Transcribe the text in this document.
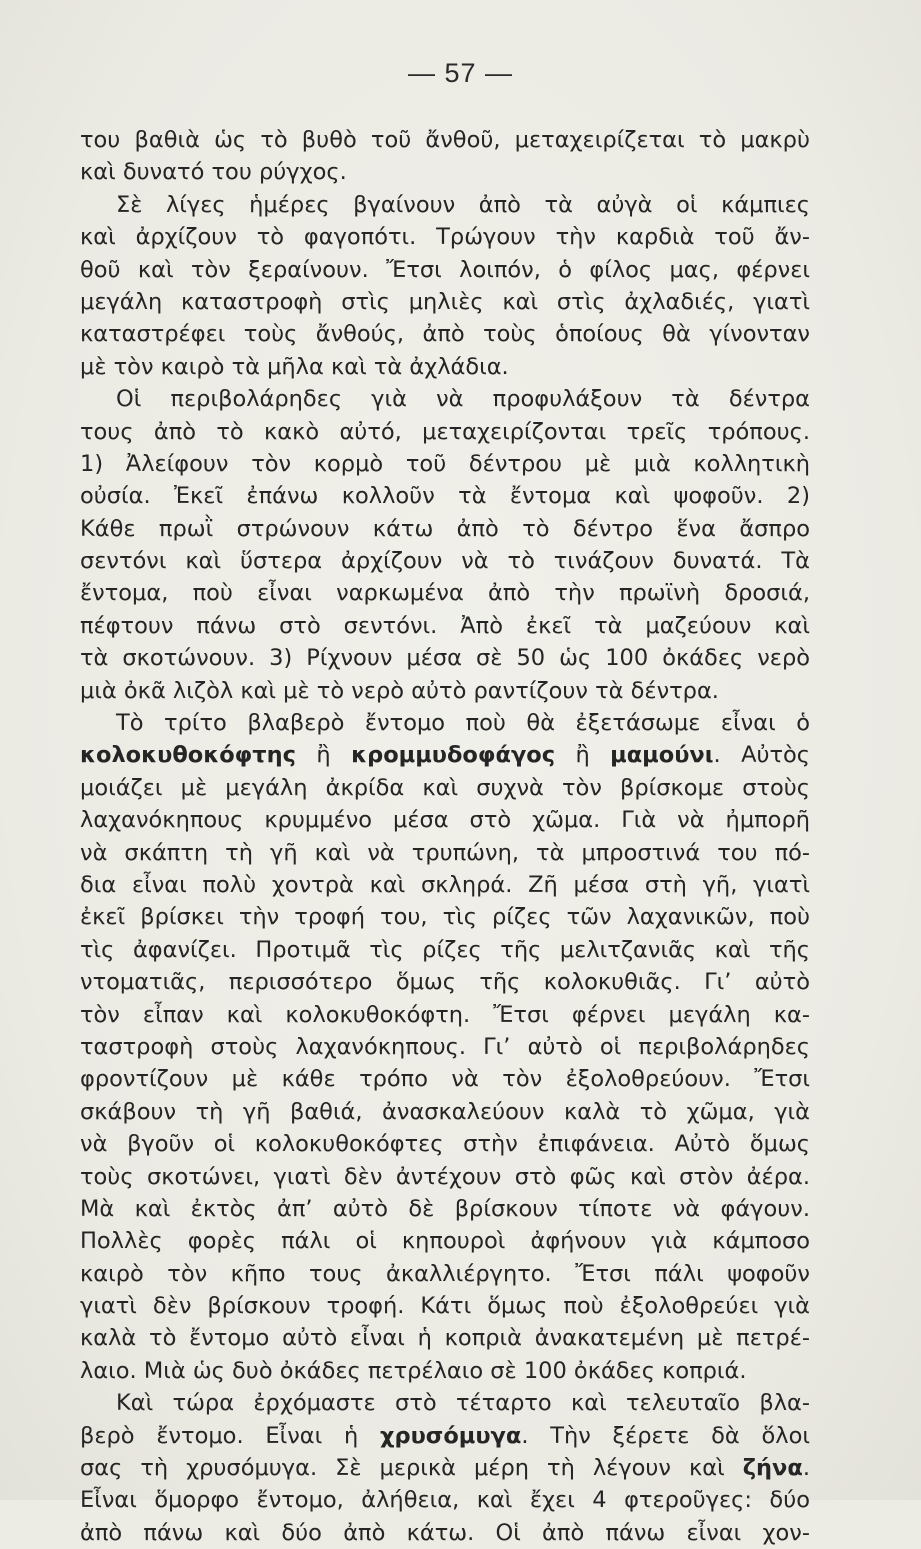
— 57 —
του βαθιὰ ὡς τὸ βυθὸ τοῦ ἄνθοῦ, μεταχειρίζεται τὸ μακρὺ
καὶ δυνατό του ρύγχος.
Σὲ λίγες ἡμέρες βγαίνουν ἀπὸ τὰ αὐγὰ οἱ κάμπιες
καὶ ἀρχίζουν τὸ φαγοπότι. Τρώγουν τὴν καρδιὰ τοῦ ἄν-
θοῦ καὶ τὸν ξεραίνουν. Ἔτσι λοιπόν, ὁ φίλος μας, φέρνει
μεγάλη καταστροφὴ στὶς μηλιὲς καὶ στὶς ἀχλαδιές, γιατὶ
καταστρέφει τοὺς ἄνθούς, ἀπὸ τοὺς ὁποίους θὰ γίνονταν
μὲ τὸν καιρὸ τὰ μῆλα καὶ τὰ ἀχλάδια.
Οἱ περιβολάρηδες γιὰ νὰ προφυλάξουν τὰ δέντρα
τους ἀπὸ τὸ κακὸ αὐτό, μεταχειρίζονται τρεῖς τρόπους.
1) Ἀλείφουν τὸν κορμὸ τοῦ δέντρου μὲ μιὰ κολλητικὴ
οὐσία. Ἐκεῖ ἐπάνω κολλοῦν τὰ ἔντομα καὶ ψοφοῦν. 2)
Κάθε πρωῒ στρώνουν κάτω ἀπὸ τὸ δέντρο ἕνα ἄσπρο
σεντόνι καὶ ὕστερα ἀρχίζουν νὰ τὸ τινάζουν δυνατά. Τὰ
ἔντομα, ποὺ εἶναι ναρκωμένα ἀπὸ τὴν πρωϊνὴ δροσιά,
πέφτουν πάνω στὸ σεντόνι. Ἀπὸ ἐκεῖ τὰ μαζεύουν καὶ
τὰ σκοτώνουν. 3) Ρίχνουν μέσα σὲ 50 ὡς 100 ὀκάδες νερὸ
μιὰ ὀκᾶ λιζὸλ καὶ μὲ τὸ νερὸ αὐτὸ ραντίζουν τὰ δέντρα.
Τὸ τρίτο βλαβερὸ ἔντομο ποὺ θὰ ἐξετάσωμε εἶναι ὁ
κολοκυθοκόφτης ἢ κρομμυδοφάγος ἢ μαμούνι. Αὐτὸς
μοιάζει μὲ μεγάλη ἀκρίδα καὶ συχνὰ τὸν βρίσκομε στοὺς
λαχανόκηπους κρυμμένο μέσα στὸ χῶμα. Γιὰ νὰ ἠμπορῆ
νὰ σκάπτη τὴ γῆ καὶ νὰ τρυπώνη, τὰ μπροστινά του πό-
δια εἶναι πολὺ χοντρὰ καὶ σκληρά. Ζῆ μέσα στὴ γῆ, γιατὶ
ἐκεῖ βρίσκει τὴν τροφή του, τὶς ρίζες τῶν λαχανικῶν, ποὺ
τὶς ἀφανίζει. Προτιμᾶ τὶς ρίζες τῆς μελιτζανιᾶς καὶ τῆς
ντοματιᾶς, περισσότερο ὅμως τῆς κολοκυθιᾶς. Γι’ αὐτὸ
τὸν εἶπαν καὶ κολοκυθοκόφτη. Ἔτσι φέρνει μεγάλη κα-
ταστροφὴ στοὺς λαχανόκηπους. Γι’ αὐτὸ οἱ περιβολάρηδες
φροντίζουν μὲ κάθε τρόπο νὰ τὸν ἐξολοθρεύουν. Ἔτσι
σκάβουν τὴ γῆ βαθιά, ἀνασκαλεύουν καλὰ τὸ χῶμα, γιὰ
νὰ βγοῦν οἱ κολοκυθοκόφτες στὴν ἐπιφάνεια. Αὐτὸ ὅμως
τοὺς σκοτώνει, γιατὶ δὲν ἀντέχουν στὸ φῶς καὶ στὸν ἀέρα.
Μὰ καὶ ἐκτὸς ἀπ’ αὐτὸ δὲ βρίσκουν τίποτε νὰ φάγουν.
Πολλὲς φορὲς πάλι οἱ κηπουροὶ ἀφήνουν γιὰ κάμποσο
καιρὸ τὸν κῆπο τους ἀκαλλιέργητο. Ἔτσι πάλι ψοφοῦν
γιατὶ δὲν βρίσκουν τροφή. Κάτι ὅμως ποὺ ἐξολοθρεύει γιὰ
καλὰ τὸ ἔντομο αὐτὸ εἶναι ἡ κοπριὰ ἀνακατεμένη μὲ πετρέ-
λαιο. Μιὰ ὡς δυὸ ὀκάδες πετρέλαιο σὲ 100 ὀκάδες κοπριά.
Καὶ τώρα ἐρχόμαστε στὸ τέταρτο καὶ τελευταῖο βλα-
βερὸ ἔντομο. Εἶναι ἡ χρυσόμυγα. Τὴν ξέρετε δὰ ὅλοι
σας τὴ χρυσόμυγα. Σὲ μερικὰ μέρη τὴ λέγουν καὶ ζήνα.
Εἶναι ὅμορφο ἔντομο, ἀλήθεια, καὶ ἔχει 4 φτεροῦγες: δύο
ἀπὸ πάνω καὶ δύο ἀπὸ κάτω. Οἱ ἀπὸ πάνω εἶναι χον-
